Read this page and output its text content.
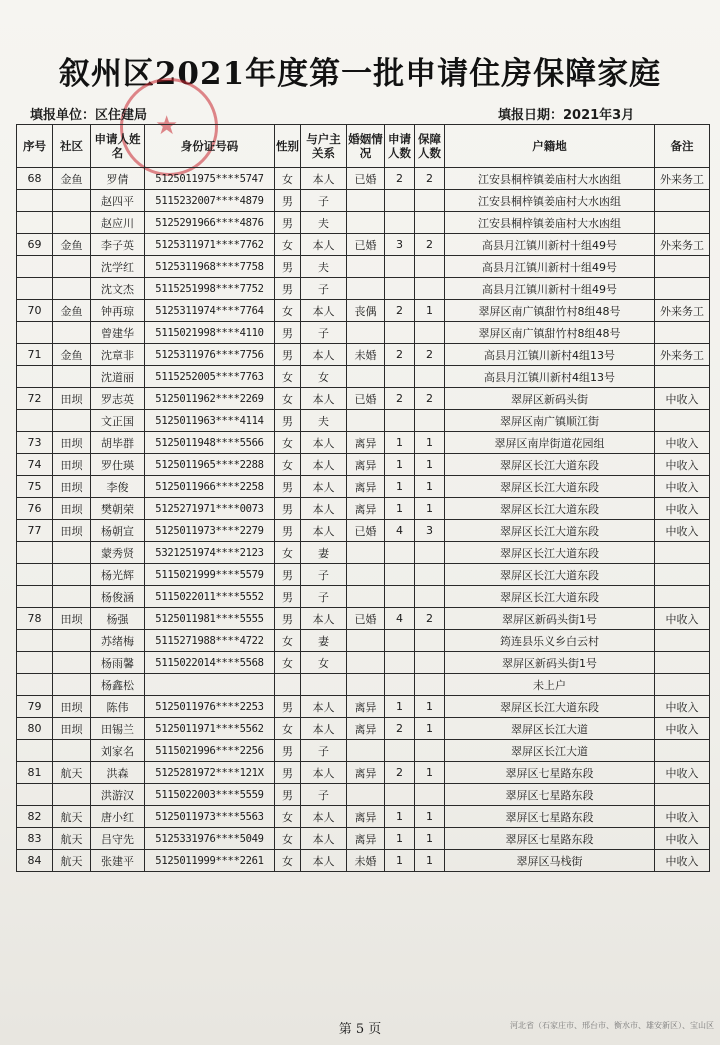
叙州区2021年度第一批申请住房保障家庭
★
填报单位：区住建局	填报日期：2021年3月
序号	社区	申请人姓 名	身份证号码	性别	与户主关系	婚姻情况	申请人数	保障人数	户籍地	备注
68	金鱼	罗倩	5125011975****5747	女	本人	已婚	2	2	江安县桐梓镇姜庙村大水凼组	外来务工
		赵四平	5115232007****4879	男	子				江安县桐梓镇姜庙村大水凼组	
		赵应川	5125291966****4876	男	夫				江安县桐梓镇姜庙村大水凼组	
69	金鱼	李子英	5125311971****7762	女	本人	已婚	3	2	高县月江镇川新村十组49号	外来务工
		沈学红	5125311968****7758	男	夫				高县月江镇川新村十组49号	
		沈文杰	5115251998****7752	男	子				高县月江镇川新村十组49号	
70	金鱼	钟再琼	5125311974****7764	女	本人	丧偶	2	1	翠屏区南广镇甜竹村8组48号	外来务工
		曾建华	5115021998****4110	男	子				翠屏区南广镇甜竹村8组48号	
71	金鱼	沈章非	5125311976****7756	男	本人	未婚	2	2	高县月江镇川新村4组13号	外来务工
		沈道丽	5115252005****7763	女	女				高县月江镇川新村4组13号	
72	田坝	罗志英	5125011962****2269	女	本人	已婚	2	2	翠屏区新码头街	中收入
		文正国	5125011963****4114	男	夫				翠屏区南广镇顺江街	
73	田坝	胡毕群	5125011948****5566	女	本人	离异	1	1	翠屏区南岸街道花园组	中收入
74	田坝	罗仕瑛	5125011965****2288	女	本人	离异	1	1	翠屏区长江大道东段	中收入
75	田坝	李俊	5125011966****2258	男	本人	离异	1	1	翠屏区长江大道东段	中收入
76	田坝	樊朝荣	5125271971****0073	男	本人	离异	1	1	翠屏区长江大道东段	中收入
77	田坝	杨朝宣	5125011973****2279	男	本人	已婚	4	3	翠屏区长江大道东段	中收入
		蒙秀贤	5321251974****2123	女	妻				翠屏区长江大道东段	
		杨光辉	5115021999****5579	男	子				翠屏区长江大道东段	
		杨俊涵	5115022011****5552	男	子				翠屏区长江大道东段	
78	田坝	杨强	5125011981****5555	男	本人	已婚	4	2	翠屏区新码头街1号	中收入
		苏绪梅	5115271988****4722	女	妻				筠连县乐义乡白云村	
		杨雨馨	5115022014****5568	女	女				翠屏区新码头街1号	
		杨鑫松							未上户	
79	田坝	陈伟	5125011976****2253	男	本人	离异	1	1	翠屏区长江大道东段	中收入
80	田坝	田锡兰	5125011971****5562	女	本人	离异	2	1	翠屏区长江大道	中收入
		刘家名	5115021996****2256	男	子				翠屏区长江大道	
81	航天	洪森	5125281972****121X	男	本人	离异	2	1	翠屏区七星路东段	中收入
		洪游汉	5115022003****5559	男	子				翠屏区七星路东段	
82	航天	唐小红	5125011973****5563	女	本人	离异	1	1	翠屏区七星路东段	中收入
83	航天	吕守先	5125331976****5049	女	本人	离异	1	1	翠屏区七星路东段	中收入
84	航天	张建平	5125011999****2261	女	本人	未婚	1	1	翠屏区马栈街	中收入
第 5 页	河北省（石家庄市、邢台市、衡水市、雄安新区）、宝山区
